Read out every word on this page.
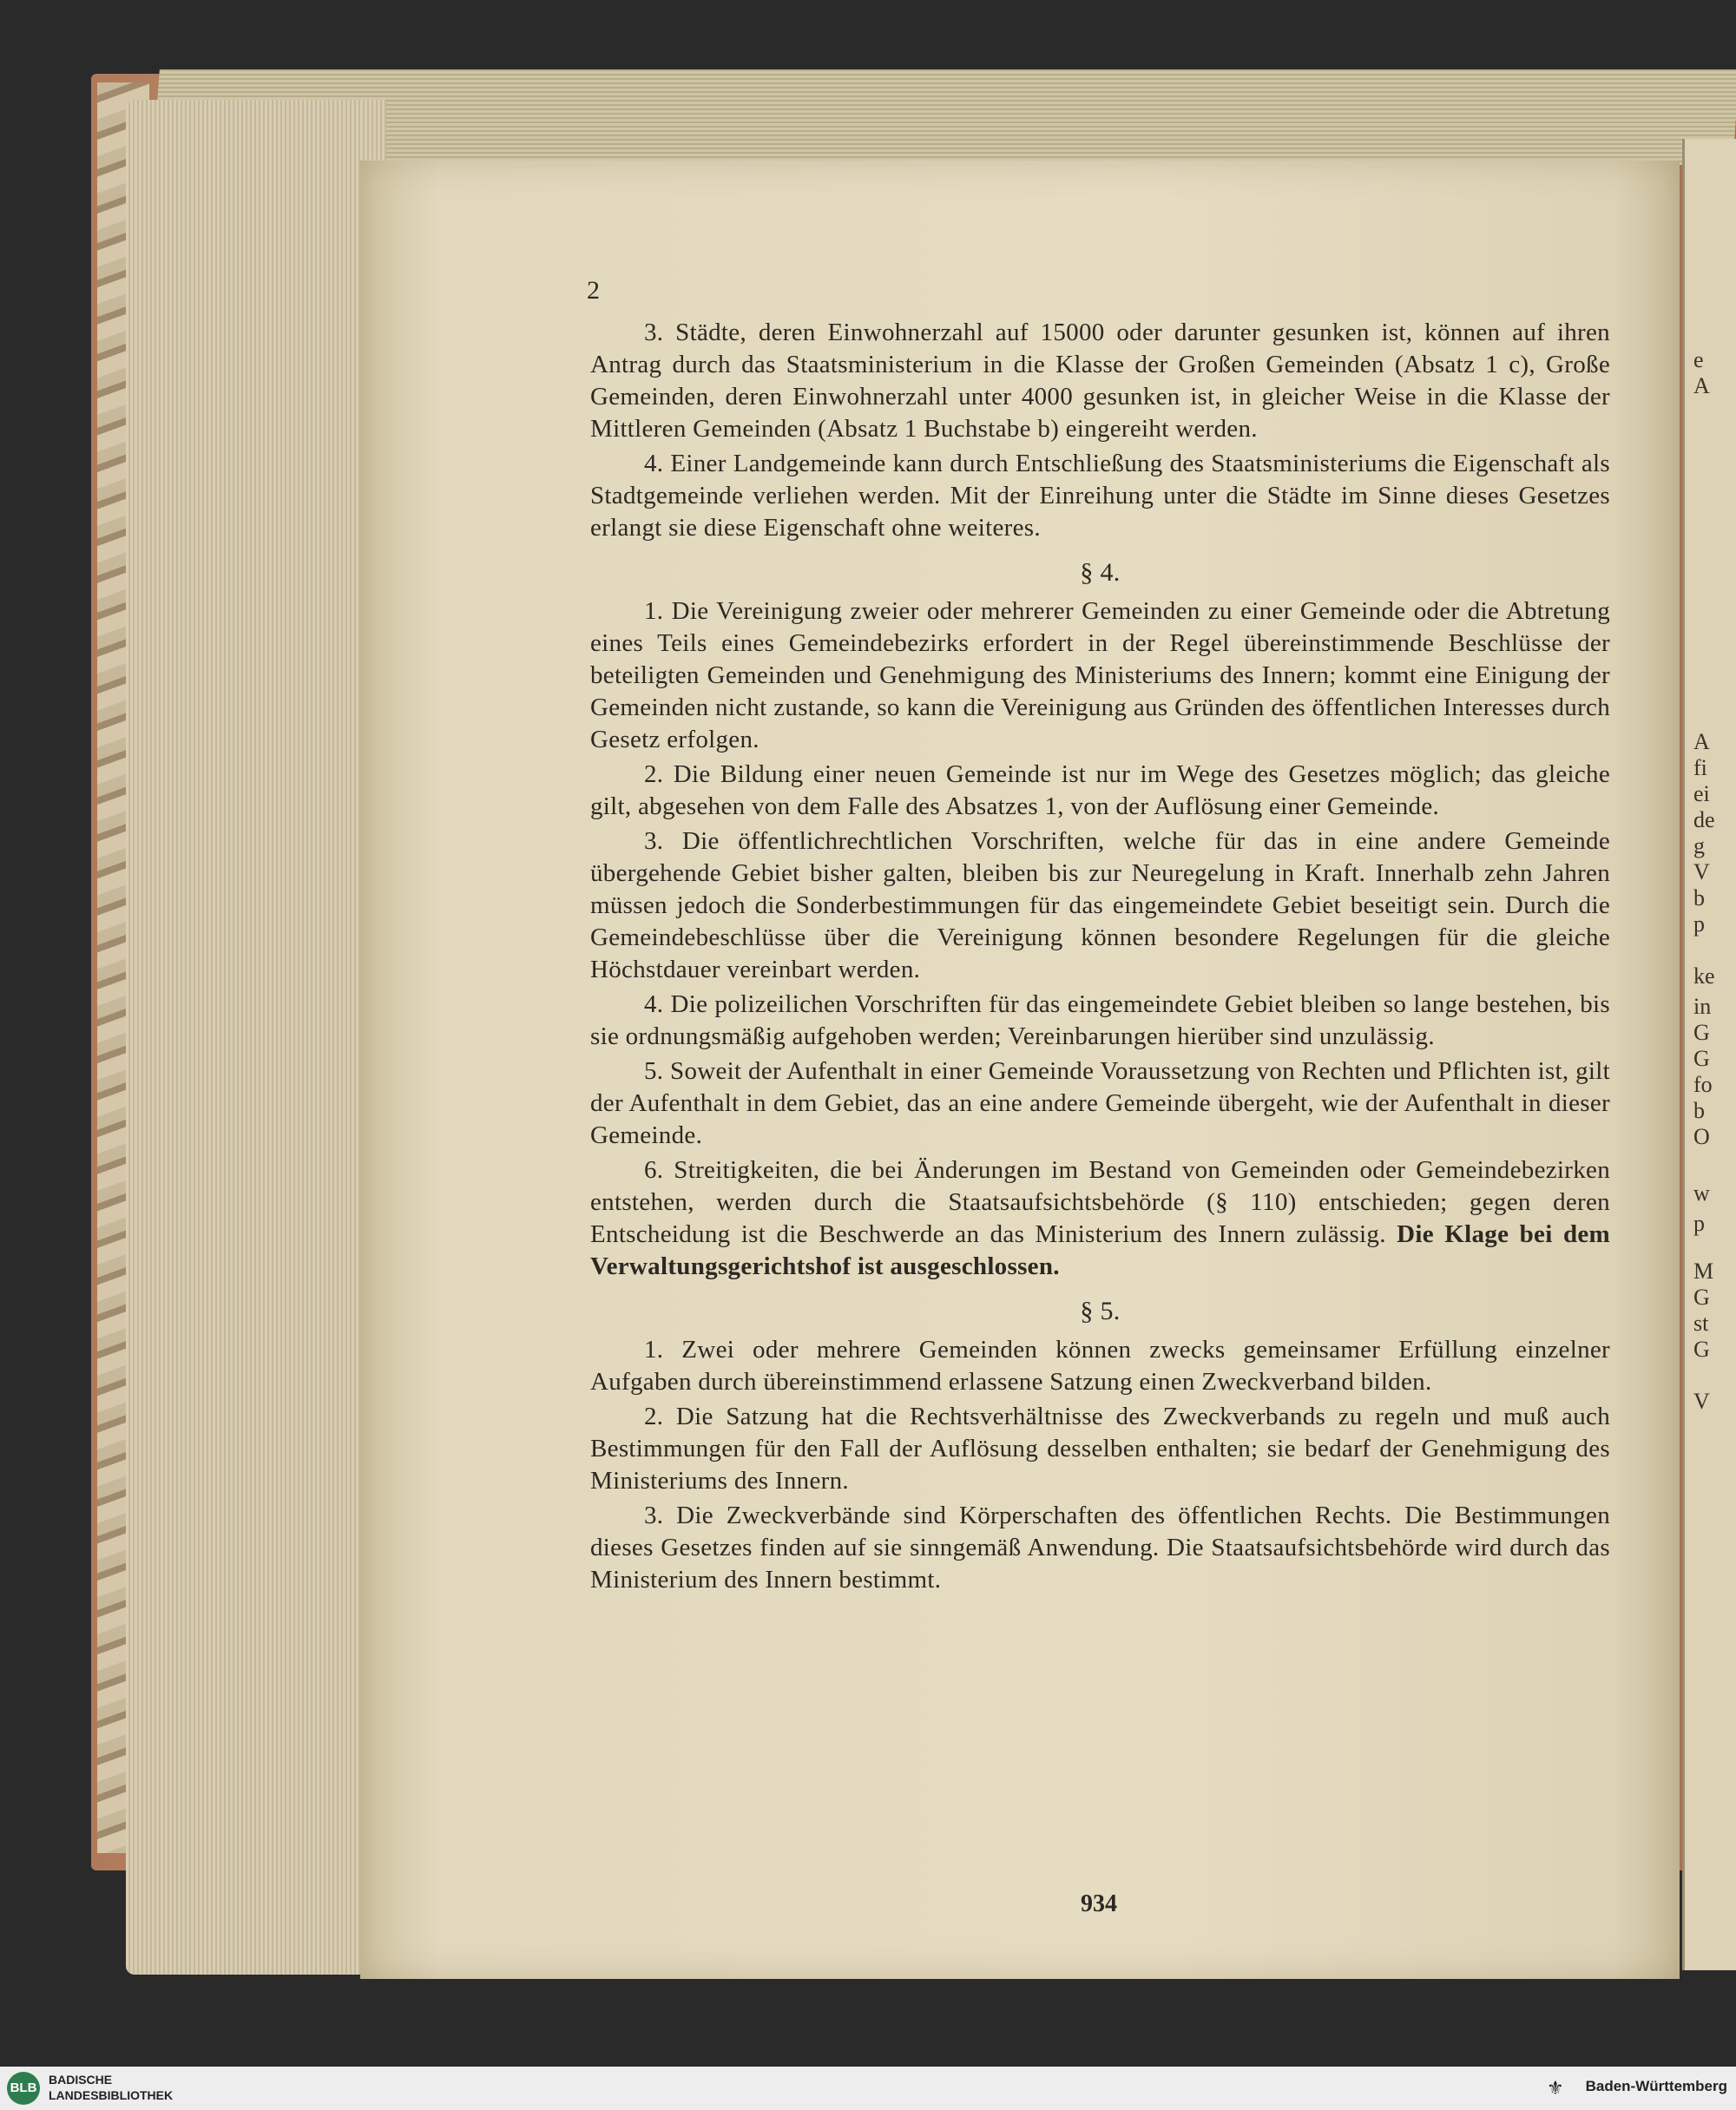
e
A
A
fi
ei
de
g
V
b
p
ke
in
G
G
fo
b
O
w
p
M
G
st
G
V
2

3. Städte, deren Einwohnerzahl auf 15000 oder darunter gesunken ist, können auf ihren Antrag durch das Staatsministerium in die Klasse der Großen Gemeinden (Absatz 1 c), Große Gemeinden, deren Einwohnerzahl unter 4000 gesunken ist, in gleicher Weise in die Klasse der Mittleren Gemeinden (Absatz 1 Buchstabe b) eingereiht werden.

4. Einer Landgemeinde kann durch Entschließung des Staatsministeriums die Eigenschaft als Stadtgemeinde verliehen werden. Mit der Einreihung unter die Städte im Sinne dieses Gesetzes erlangt sie diese Eigenschaft ohne weiteres.

§ 4.

1. Die Vereinigung zweier oder mehrerer Gemeinden zu einer Gemeinde oder die Abtretung eines Teils eines Gemeindebezirks erfordert in der Regel übereinstimmende Beschlüsse der beteiligten Gemeinden und Genehmigung des Ministeriums des Innern; kommt eine Einigung der Gemeinden nicht zustande, so kann die Vereinigung aus Gründen des öffentlichen Interesses durch Gesetz erfolgen.

2. Die Bildung einer neuen Gemeinde ist nur im Wege des Gesetzes möglich; das gleiche gilt, abgesehen von dem Falle des Absatzes 1, von der Auflösung einer Gemeinde.

3. Die öffentlichrechtlichen Vorschriften, welche für das in eine andere Gemeinde übergehende Gebiet bisher galten, bleiben bis zur Neuregelung in Kraft. Innerhalb zehn Jahren müssen jedoch die Sonderbestimmungen für das eingemeindete Gebiet beseitigt sein. Durch die Gemeindebeschlüsse über die Vereinigung können besondere Regelungen für die gleiche Höchstdauer vereinbart werden.

4. Die polizeilichen Vorschriften für das eingemeindete Gebiet bleiben so lange bestehen, bis sie ordnungsmäßig aufgehoben werden; Vereinbarungen hierüber sind unzulässig.

5. Soweit der Aufenthalt in einer Gemeinde Voraussetzung von Rechten und Pflichten ist, gilt der Aufenthalt in dem Gebiet, das an eine andere Gemeinde übergeht, wie der Aufenthalt in dieser Gemeinde.

6. Streitigkeiten, die bei Änderungen im Bestand von Gemeinden oder Gemeindebezirken entstehen, werden durch die Staatsaufsichtsbehörde (§ 110) entschieden; gegen deren Entscheidung ist die Beschwerde an das Ministerium des Innern zulässig. Die Klage bei dem Verwaltungsgerichtshof ist ausgeschlossen.

§ 5.

1. Zwei oder mehrere Gemeinden können zwecks gemeinsamer Erfüllung einzelner Aufgaben durch übereinstimmend erlassene Satzung einen Zweckverband bilden.

2. Die Satzung hat die Rechtsverhältnisse des Zweckverbands zu regeln und muß auch Bestimmungen für den Fall der Auflösung desselben enthalten; sie bedarf der Genehmigung des Ministeriums des Innern.

3. Die Zweckverbände sind Körperschaften des öffentlichen Rechts. Die Bestimmungen dieses Gesetzes finden auf sie sinngemäß Anwendung. Die Staatsaufsichtsbehörde wird durch das Ministerium des Innern bestimmt.

934
BLB
BADISCHE
LANDESBIBLIOTHEK	⚜	Baden-Württemberg
